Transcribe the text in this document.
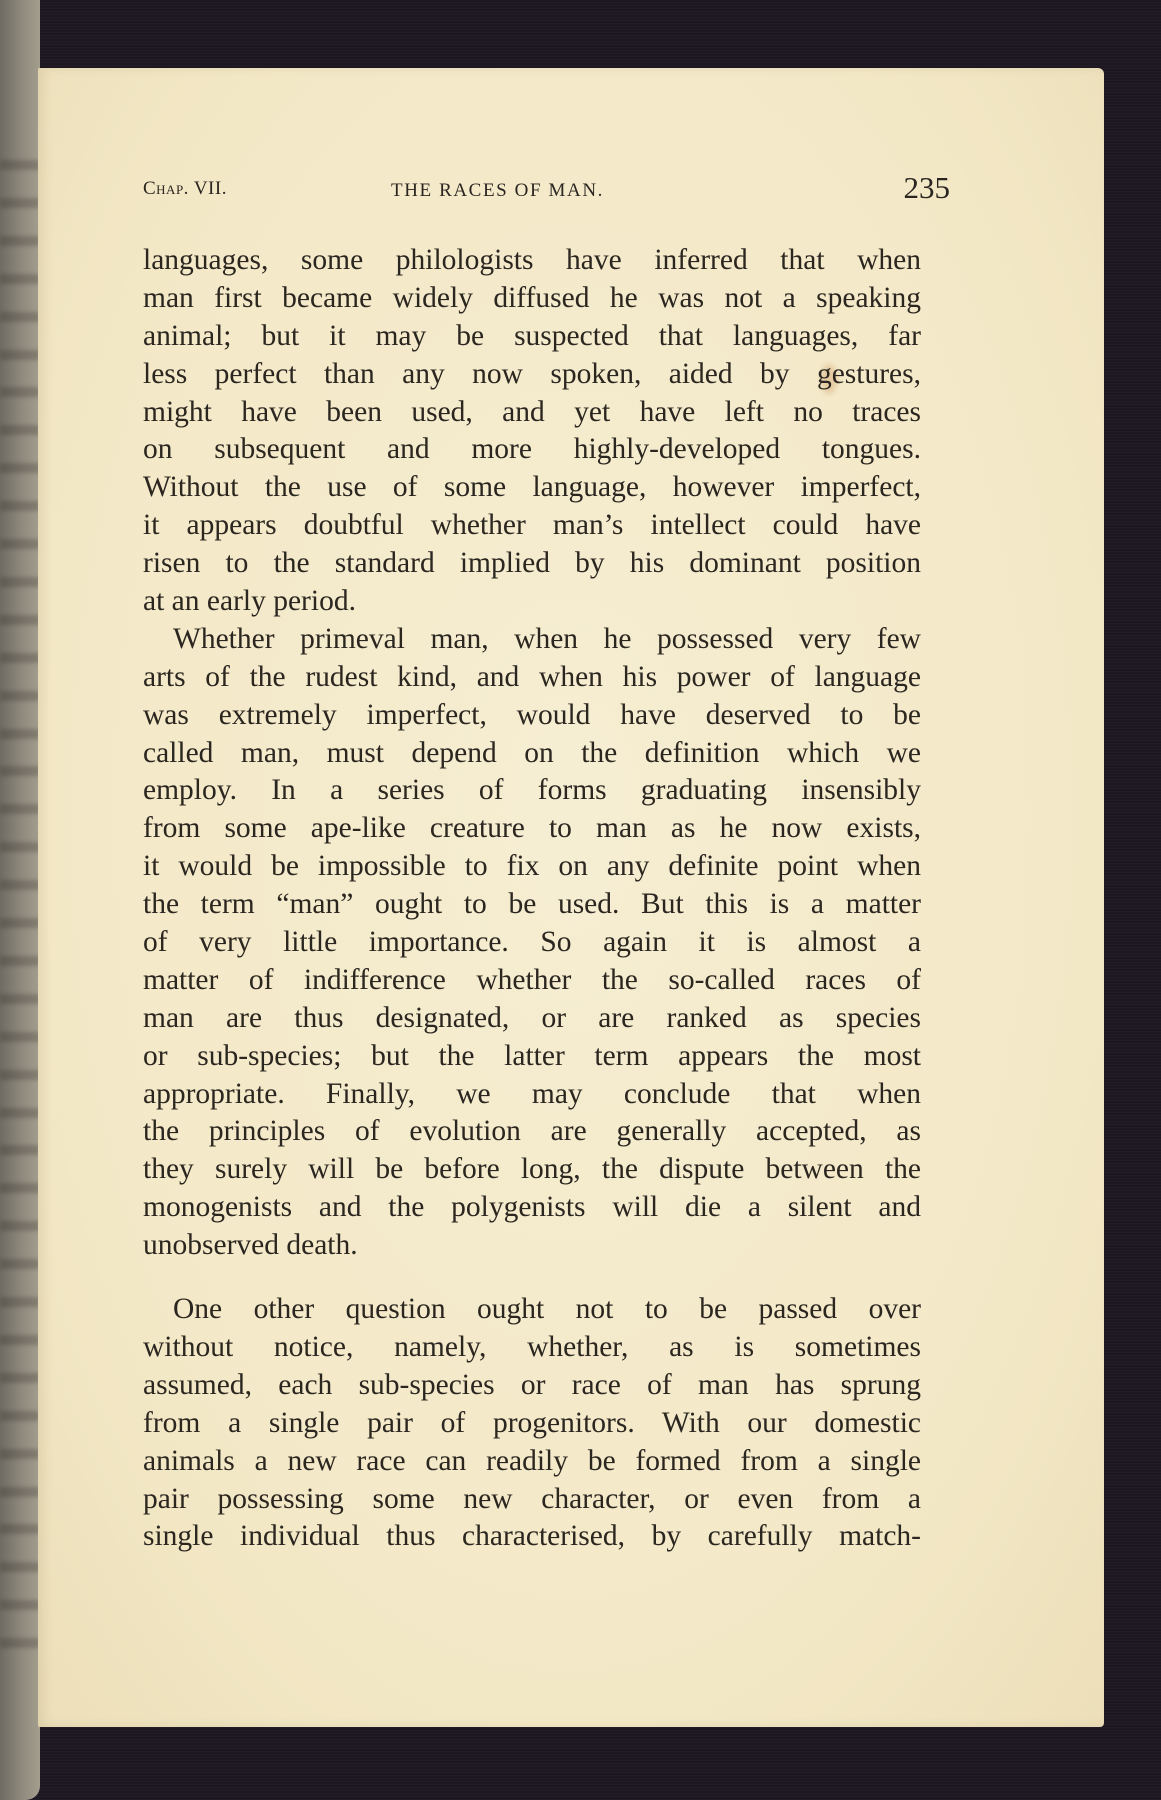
Chap. VII.	THE RACES OF MAN.	235
languages, some philologists have inferred that when
man first became widely diffused he was not a speaking
animal; but it may be suspected that languages, far
less perfect than any now spoken, aided by gestures,
might have been used, and yet have left no traces
on subsequent and more highly-developed tongues.
Without the use of some language, however imperfect,
it appears doubtful whether man’s intellect could have
risen to the standard implied by his dominant position
at an early period.
Whether primeval man, when he possessed very few
arts of the rudest kind, and when his power of language
was extremely imperfect, would have deserved to be
called man, must depend on the definition which we
employ. In a series of forms graduating insensibly
from some ape-like creature to man as he now exists,
it would be impossible to fix on any definite point when
the term “man” ought to be used. But this is a matter
of very little importance. So again it is almost a
matter of indifference whether the so-called races of
man are thus designated, or are ranked as species
or sub-species; but the latter term appears the most
appropriate. Finally, we may conclude that when
the principles of evolution are generally accepted, as
they surely will be before long, the dispute between the
monogenists and the polygenists will die a silent and
unobserved death.
One other question ought not to be passed over
without notice, namely, whether, as is sometimes
assumed, each sub-species or race of man has sprung
from a single pair of progenitors. With our domestic
animals a new race can readily be formed from a single
pair possessing some new character, or even from a
single individual thus characterised, by carefully match-
